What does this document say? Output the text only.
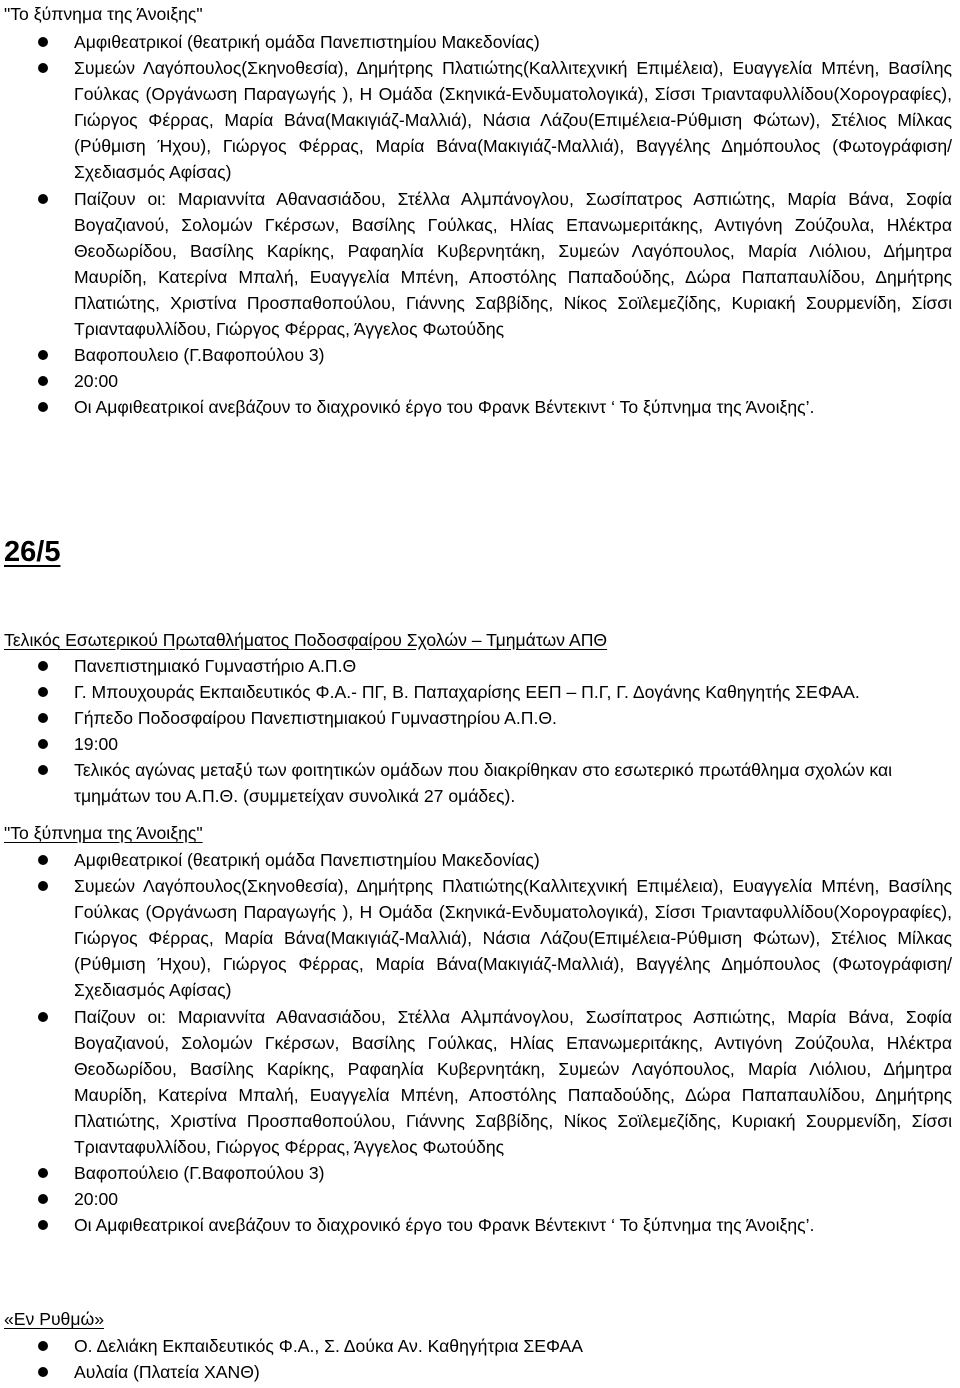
"Το ξύπνημα της Άνοιξης"

Αμφιθεατρικοί (θεατρική ομάδα Πανεπιστημίου Μακεδονίας)
Συμεών Λαγόπουλος(Σκηνοθεσία), Δημήτρης Πλατιώτης(Καλλιτεχνική Επιμέλεια), Ευαγγελία Μπένη, Βασίλης Γούλκας (Οργάνωση Παραγωγής ), Η Ομάδα (Σκηνικά-Ενδυματολογικά), Σίσσι Τριανταφυλλίδου(Χορογραφίες), Γιώργος Φέρρας, Μαρία Βάνα(Μακιγιάζ-Μαλλιά), Νάσια Λάζου(Επιμέλεια-Ρύθμιση Φώτων), Στέλιος Μίλκας (Ρύθμιση Ήχου), Γιώργος Φέρρας, Μαρία Βάνα(Μακιγιάζ-Μαλλιά), Βαγγέλης Δημόπουλος (Φωτογράφιση/Σχεδιασμός Αφίσας)
Παίζουν οι: Μαριαννίτα Αθανασιάδου, Στέλλα Αλμπάνογλου, Σωσίπατρος Ασπιώτης, Μαρία Βάνα, Σοφία Βογαζιανού, Σολομών Γκέρσων, Βασίλης Γούλκας, Ηλίας Επανωμεριτάκης, Αντιγόνη Ζούζουλα, Ηλέκτρα Θεοδωρίδου, Βασίλης Καρίκης, Ραφαηλία Κυβερνητάκη, Συμεών Λαγόπουλος, Μαρία Λιόλιου, Δήμητρα Μαυρίδη, Κατερίνα Μπαλή, Ευαγγελία Μπένη, Αποστόλης Παπαδούδης, Δώρα Παπαπαυλίδου, Δημήτρης Πλατιώτης, Χριστίνα Προσπαθοπούλου, Γιάννης Σαββίδης, Νίκος Σοϊλεμεζίδης, Κυριακή Σουρμενίδη, Σίσσι Τριανταφυλλίδου, Γιώργος Φέρρας, Άγγελος Φωτούδης
Βαφοπουλειο (Γ.Βαφοπούλου 3)
20:00
Οι Αμφιθεατρικοί ανεβάζουν το διαχρονικό έργο του Φρανκ Βέντεκιντ ‘ Το ξύπνημα της Άνοιξης’.

26/5

Τελικός Εσωτερικού Πρωταθλήματος Ποδοσφαίρου Σχολών – Τμημάτων ΑΠΘ

Πανεπιστημιακό Γυμναστήριο Α.Π.Θ
Γ. Μπουχουράς Εκπαιδευτικός Φ.Α.- ΠΓ, Β. Παπαχαρίσης ΕΕΠ – Π.Γ, Γ. Δογάνης Καθηγητής ΣΕΦΑΑ.
Γήπεδο Ποδοσφαίρου Πανεπιστημιακού Γυμναστηρίου Α.Π.Θ.
19:00
Τελικός αγώνας μεταξύ των φοιτητικών ομάδων που διακρίθηκαν στο εσωτερικό πρωτάθλημα σχολών και τμημάτων του Α.Π.Θ. (συμμετείχαν συνολικά 27 ομάδες).

"Το ξύπνημα της Άνοιξης"

Αμφιθεατρικοί (θεατρική ομάδα Πανεπιστημίου Μακεδονίας)
Συμεών Λαγόπουλος(Σκηνοθεσία), Δημήτρης Πλατιώτης(Καλλιτεχνική Επιμέλεια), Ευαγγελία Μπένη, Βασίλης Γούλκας (Οργάνωση Παραγωγής ), Η Ομάδα (Σκηνικά-Ενδυματολογικά), Σίσσι Τριανταφυλλίδου(Χορογραφίες), Γιώργος Φέρρας, Μαρία Βάνα(Μακιγιάζ-Μαλλιά), Νάσια Λάζου(Επιμέλεια-Ρύθμιση Φώτων), Στέλιος Μίλκας (Ρύθμιση Ήχου), Γιώργος Φέρρας, Μαρία Βάνα(Μακιγιάζ-Μαλλιά), Βαγγέλης Δημόπουλος (Φωτογράφιση/Σχεδιασμός Αφίσας)
Παίζουν οι: Μαριαννίτα Αθανασιάδου, Στέλλα Αλμπάνογλου, Σωσίπατρος Ασπιώτης, Μαρία Βάνα, Σοφία Βογαζιανού, Σολομών Γκέρσων, Βασίλης Γούλκας, Ηλίας Επανωμεριτάκης, Αντιγόνη Ζούζουλα, Ηλέκτρα Θεοδωρίδου, Βασίλης Καρίκης, Ραφαηλία Κυβερνητάκη, Συμεών Λαγόπουλος, Μαρία Λιόλιου, Δήμητρα Μαυρίδη, Κατερίνα Μπαλή, Ευαγγελία Μπένη, Αποστόλης Παπαδούδης, Δώρα Παπαπαυλίδου, Δημήτρης Πλατιώτης, Χριστίνα Προσπαθοπούλου, Γιάννης Σαββίδης, Νίκος Σοϊλεμεζίδης, Κυριακή Σουρμενίδη, Σίσσι Τριανταφυλλίδου, Γιώργος Φέρρας, Άγγελος Φωτούδης
Βαφοπούλειο (Γ.Βαφοπούλου 3)
20:00
Οι Αμφιθεατρικοί ανεβάζουν το διαχρονικό έργο του Φρανκ Βέντεκιντ ‘ Το ξύπνημα της Άνοιξης’.

«Εν Ρυθμώ»

Ο. Δελιάκη Εκπαιδευτικός Φ.Α., Σ. Δούκα Αν. Καθηγήτρια ΣΕΦΑΑ
Αυλαία (Πλατεία ΧΑΝΘ)
